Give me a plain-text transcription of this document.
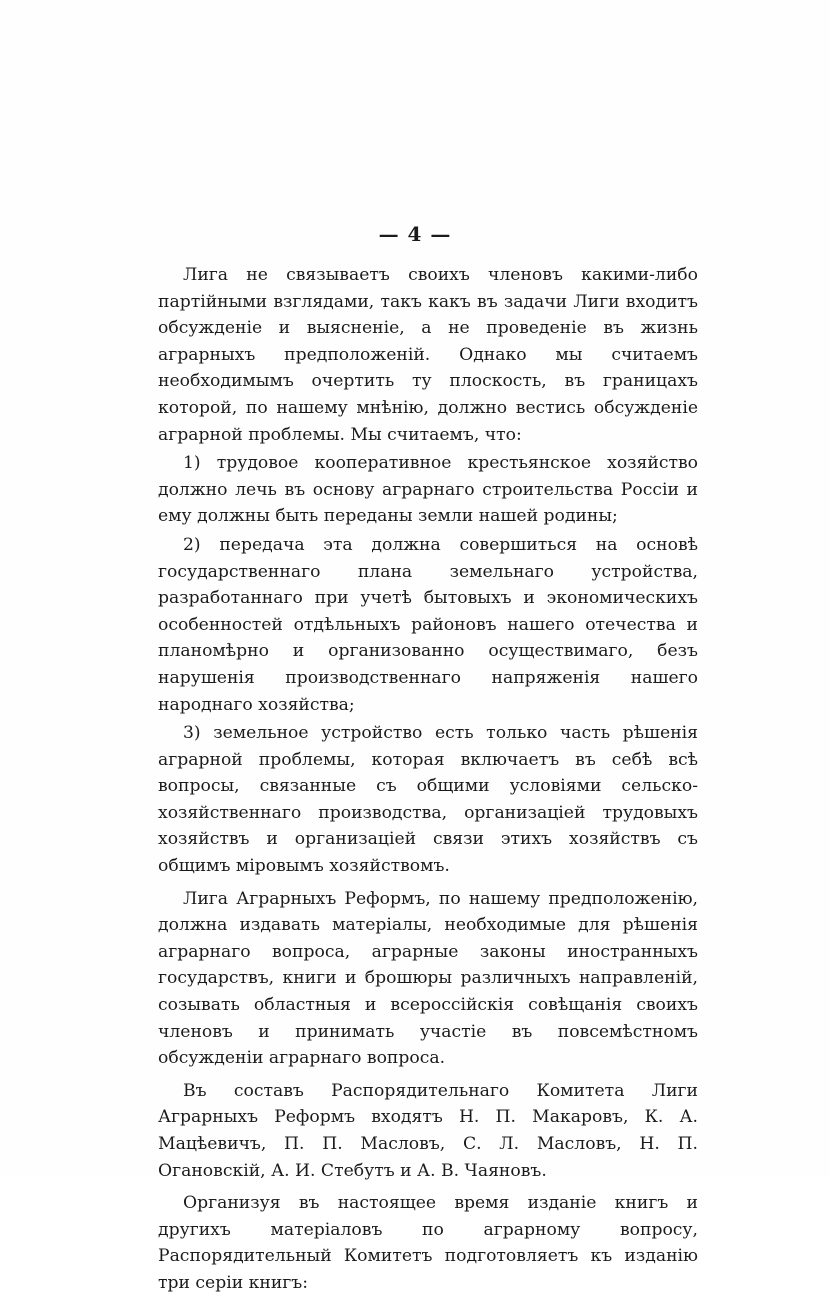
— 4 —

Лига не связываетъ своихъ членовъ какими-либо партійными взглядами, такъ какъ въ задачи Лиги входитъ обсужденіе и выясненіе, а не проведеніе въ жизнь аграрныхъ предположеній. Однако мы считаемъ необходимымъ очертить ту плоскость, въ границахъ которой, по нашему мнѣнію, должно вестись обсужденіе аграрной проблемы. Мы считаемъ, что:

1) трудовое кооперативное крестьянское хозяйство должно лечь въ основу аграрнаго строительства Россіи и ему должны быть переданы земли нашей родины;

2) передача эта должна совершиться на основѣ государственнаго плана земельнаго устройства, разработаннаго при учетѣ бытовыхъ и экономическихъ особенностей отдѣльныхъ районовъ нашего отечества и планомѣрно и организованно осуществимаго, безъ нарушенія производственнаго напряженія нашего народнаго хозяйства;

3) земельное устройство есть только часть рѣшенія аграрной проблемы, которая включаетъ въ себѣ всѣ вопросы, связанные съ общими условіями сельско-хозяйственнаго производства, организаціей трудовыхъ хозяйствъ и организаціей связи этихъ хозяйствъ съ общимъ міровымъ хозяйствомъ.

Лига Аграрныхъ Реформъ, по нашему предположенію, должна издавать матеріалы, необходимые для рѣшенія аграрнаго вопроса, аграрные законы иностранныхъ государствъ, книги и брошюры различныхъ направленій, созывать областныя и всероссійскія совѣщанія своихъ членовъ и принимать участіе въ повсемѣстномъ обсужденіи аграрнаго вопроса.

Въ составъ Распорядительнаго Комитета Лиги Аграрныхъ Реформъ входятъ Н. П. Макаровъ, К. А. Мацѣевичъ, П. П. Масловъ, С. Л. Масловъ, Н. П. Огановскій, А. И. Стебутъ и А. В. Чаяновъ.

Организуя въ настоящее время изданіе книгъ и другихъ матеріаловъ по аграрному вопросу, Распорядительный Комитетъ подготовляетъ къ изданію три серіи книгъ:
